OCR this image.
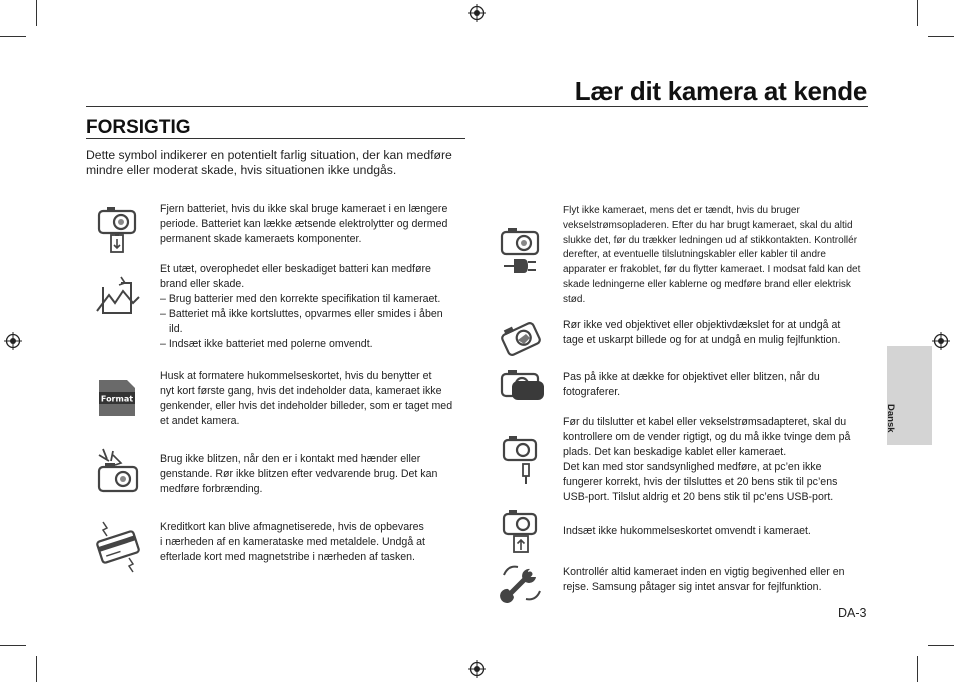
Lær dit kamera at kende
FORSIGTIG
Dette symbol indikerer en potentielt farlig situation, der kan medføre
mindre eller moderat skade, hvis situationen ikke undgås.
Fjern batteriet, hvis du ikke skal bruge kameraet i en længere
periode. Batteriet kan lække ætsende elektrolytter og dermed
permanent skade kameraets komponenter.
Et utæt, overophedet eller beskadiget batteri kan medføre
brand eller skade.
– Brug batterier med den korrekte specifikation til kameraet.
– Batteriet må ikke kortsluttes, opvarmes eller smides i åben
ild.
– Indsæt ikke batteriet med polerne omvendt.
Format
Husk at formatere hukommelseskortet, hvis du benytter et
nyt kort første gang, hvis det indeholder data, kameraet ikke
genkender, eller hvis det indeholder billeder, som er taget med
et andet kamera.
Brug ikke blitzen, når den er i kontakt med hænder eller
genstande. Rør ikke blitzen efter vedvarende brug. Det kan
medføre forbrænding.
Kreditkort kan blive afmagnetiserede, hvis de opbevares
i nærheden af en kamerataske med metaldele. Undgå at
efterlade kort med magnetstribe i nærheden af tasken.
Flyt ikke kameraet, mens det er tændt, hvis du bruger
vekselstrømsopladeren. Efter du har brugt kameraet, skal du altid
slukke det, før du trækker ledningen ud af stikkontakten. Kontrollér
derefter, at eventuelle tilslutningskabler eller kabler til andre
apparater er frakoblet, før du flytter kameraet. I modsat fald kan det
skade ledningerne eller kablerne og medføre brand eller elektrisk
stød.
Rør ikke ved objektivet eller objektivdækslet for at undgå at
tage et uskarpt billede og for at undgå en mulig fejlfunktion.
Pas på ikke at dække for objektivet eller blitzen, når du
fotograferer.
Før du tilslutter et kabel eller vekselstrømsadapteret, skal du
kontrollere om de vender rigtigt, og du må ikke tvinge dem på
plads. Det kan beskadige kablet eller kameraet.
Det kan med stor sandsynlighed medføre, at pc’en ikke
fungerer korrekt, hvis der tilsluttes et 20 bens stik til pc’ens
USB-port. Tilslut aldrig et 20 bens stik til pc’ens USB-port.
Indsæt ikke hukommelseskortet omvendt i kameraet.
Kontrollér altid kameraet inden en vigtig begivenhed eller en
rejse. Samsung påtager sig intet ansvar for fejlfunktion.
Dansk
DA-3
